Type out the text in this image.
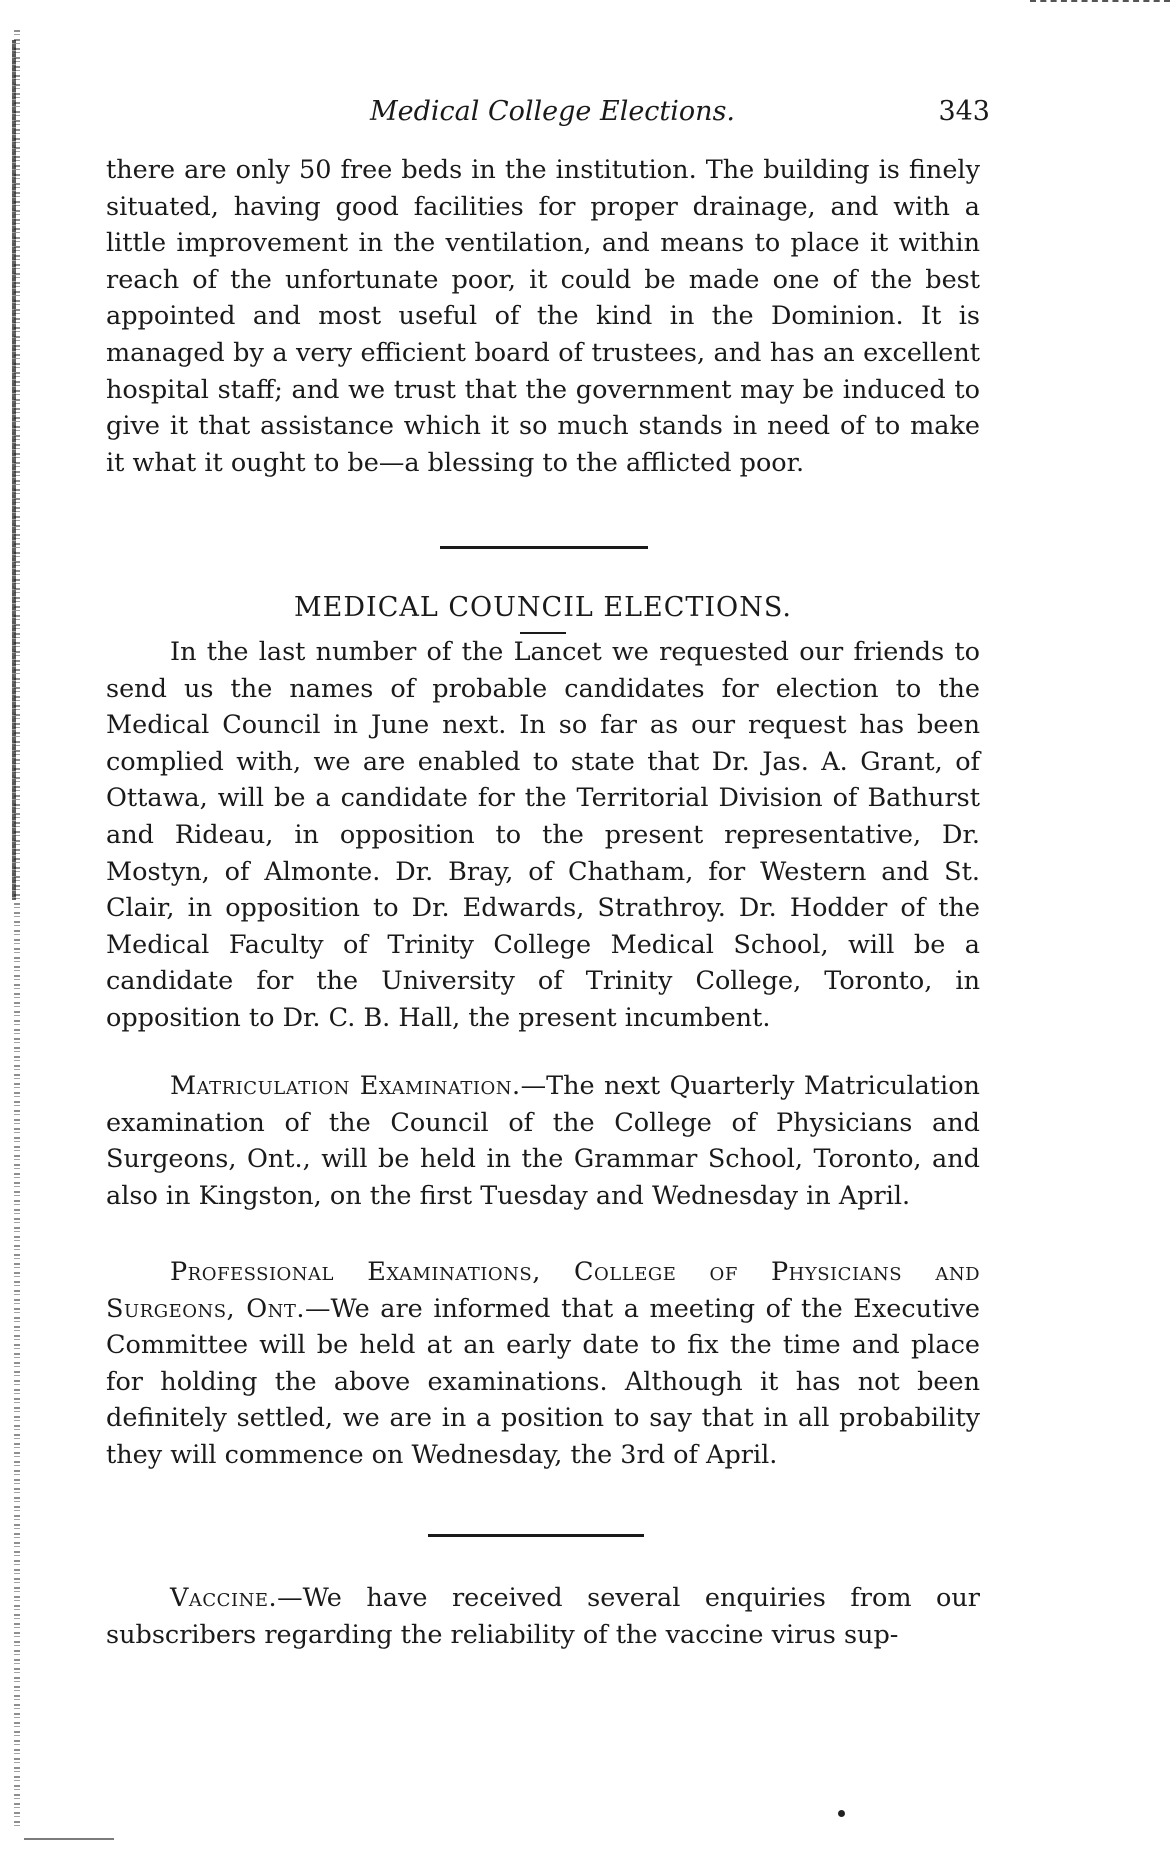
Medical College Elections.	343
there are only 50 free beds in the institution. The building is finely situated, having good facilities for proper drainage, and with a little improvement in the ventilation, and means to place it within reach of the unfortunate poor, it could be made one of the best appointed and most useful of the kind in the Dominion. It is managed by a very efficient board of trustees, and has an excellent hospital staff; and we trust that the government may be induced to give it that assistance which it so much stands in need of to make it what it ought to be—a blessing to the afflicted poor.
MEDICAL COUNCIL ELECTIONS.
In the last number of the Lancet we requested our friends to send us the names of probable candidates for election to the Medical Council in June next. In so far as our request has been complied with, we are enabled to state that Dr. Jas. A. Grant, of Ottawa, will be a candidate for the Territorial Division of Bathurst and Rideau, in opposition to the present representative, Dr. Mostyn, of Almonte. Dr. Bray, of Chatham, for Western and St. Clair, in opposition to Dr. Edwards, Strathroy. Dr. Hodder of the Medical Faculty of Trinity College Medical School, will be a candidate for the University of Trinity College, Toronto, in opposition to Dr. C. B. Hall, the present incumbent.
Matriculation Examination.—The next Quarterly Matriculation examination of the Council of the College of Physicians and Surgeons, Ont., will be held in the Grammar School, Toronto, and also in Kingston, on the first Tuesday and Wednesday in April.
Professional Examinations, College of Physicians and Surgeons, Ont.—We are informed that a meeting of the Executive Committee will be held at an early date to fix the time and place for holding the above examinations. Although it has not been definitely settled, we are in a position to say that in all probability they will commence on Wednesday, the 3rd of April.
Vaccine.—We have received several enquiries from our subscribers regarding the reliability of the vaccine virus sup-
